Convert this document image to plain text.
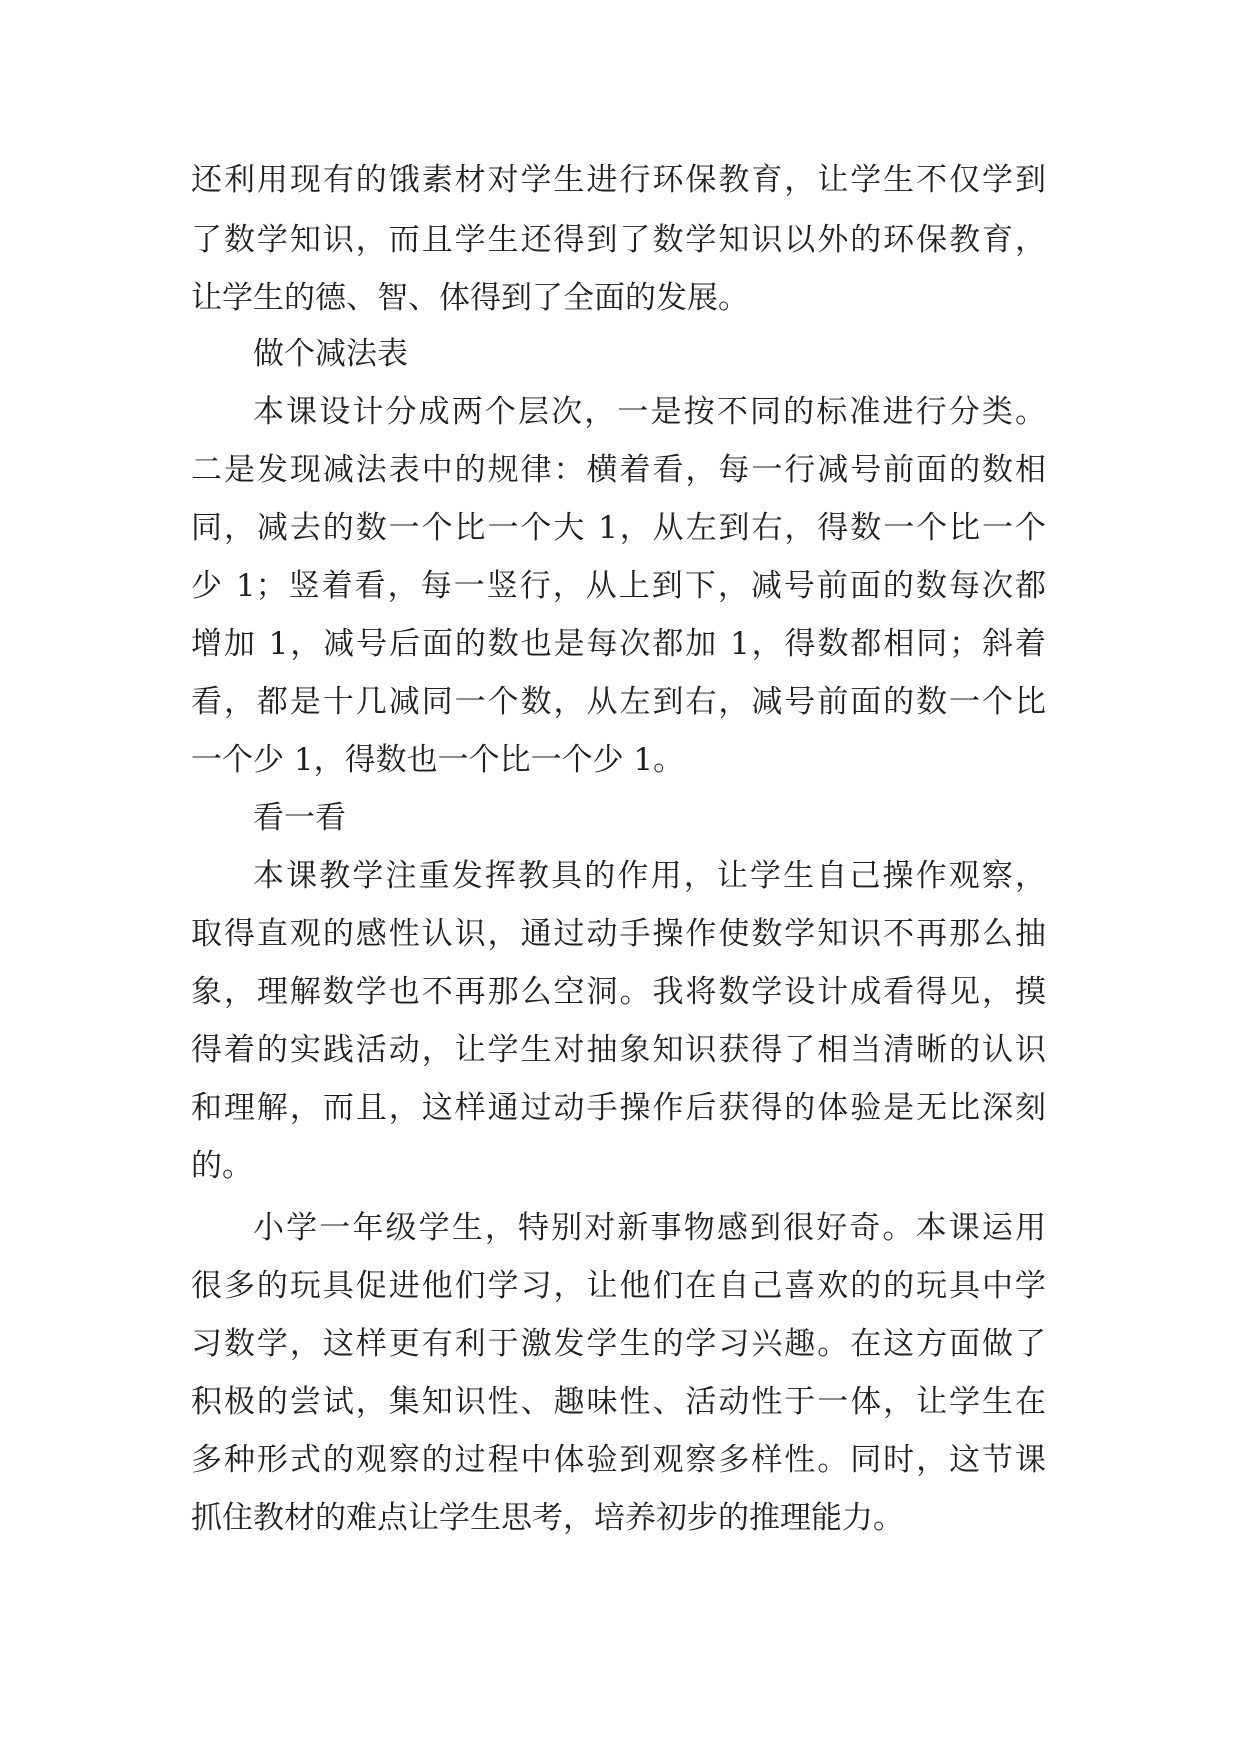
还利用现有的饿素材对学生进行环保教育，让学生不仅学到
了数学知识，而且学生还得到了数学知识以外的环保教育，
让学生的德、智、体得到了全面的发展。
做个减法表
本课设计分成两个层次，一是按不同的标准进行分类。
二是发现减法表中的规律：横着看，每一行减号前面的数相
同，减去的数一个比一个大 1，从左到右，得数一个比一个
少 1；竖着看，每一竖行，从上到下，减号前面的数每次都
增加 1，减号后面的数也是每次都加 1，得数都相同；斜着
看，都是十几减同一个数，从左到右，减号前面的数一个比
一个少 1，得数也一个比一个少 1。
看一看
本课教学注重发挥教具的作用，让学生自己操作观察，
取得直观的感性认识，通过动手操作使数学知识不再那么抽
象，理解数学也不再那么空洞。我将数学设计成看得见，摸
得着的实践活动，让学生对抽象知识获得了相当清晰的认识
和理解，而且，这样通过动手操作后获得的体验是无比深刻
的。
小学一年级学生，特别对新事物感到很好奇。本课运用
很多的玩具促进他们学习，让他们在自己喜欢的的玩具中学
习数学，这样更有利于激发学生的学习兴趣。在这方面做了
积极的尝试，集知识性、趣味性、活动性于一体，让学生在
多种形式的观察的过程中体验到观察多样性。同时，这节课
抓住教材的难点让学生思考，培养初步的推理能力。
